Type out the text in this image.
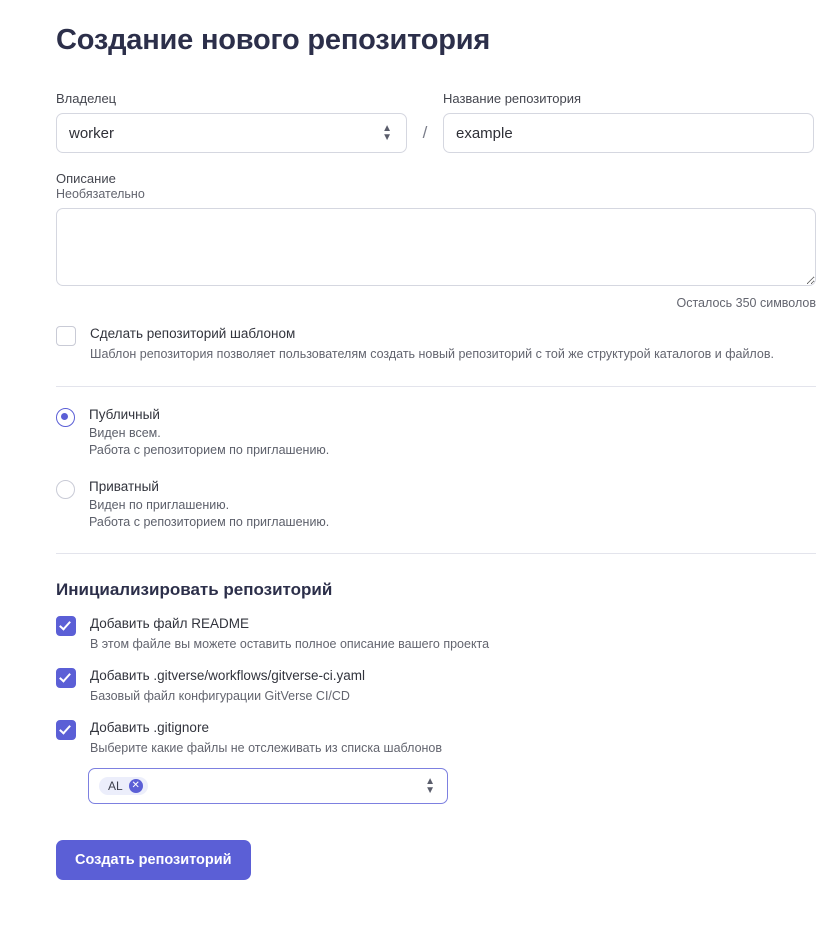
Создание нового репозитория
Владелец
worker	▲
▼	/
Название репозитория
example
Описание
Необязательно
Осталось 350 символов
Сделать репозиторий шаблоном
Шаблон репозитория позволяет пользователям создать новый репозиторий с той же структурой каталогов и файлов.
Публичный
Виден всем.
Работа с репозиторием по приглашению.
Приватный
Виден по приглашению.
Работа с репозиторием по приглашению.
Инициализировать репозиторий
Добавить файл README
В этом файле вы можете оставить полное описание вашего проекта
Добавить .gitverse/workflows/gitverse-ci.yaml
Базовый файл конфигурации GitVerse CI/CD
Добавить .gitignore
Выберите какие файлы не отслеживать из списка шаблонов
AL ✕	▲
▼
Создать репозиторий
